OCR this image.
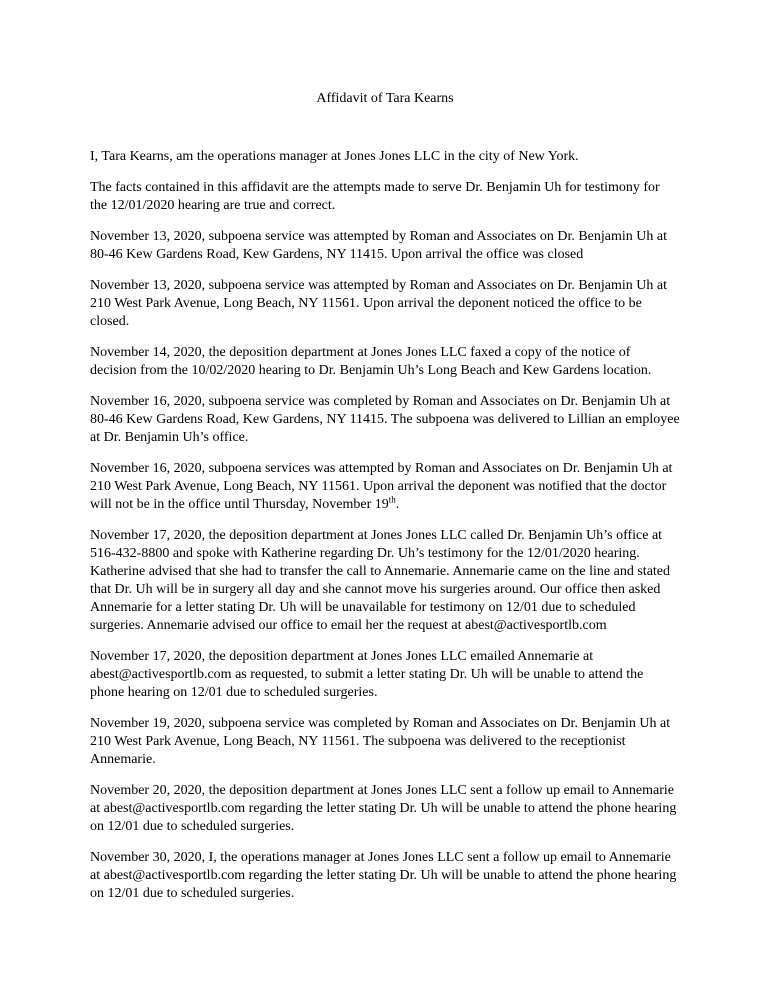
Affidavit of Tara Kearns

I, Tara Kearns, am the operations manager at Jones Jones LLC in the city of New York.

The facts contained in this affidavit are the attempts made to serve Dr. Benjamin Uh for testimony for the 12/01/2020 hearing are true and correct.

November 13, 2020, subpoena service was attempted by Roman and Associates on Dr. Benjamin Uh at 80-46 Kew Gardens Road, Kew Gardens, NY 11415. Upon arrival the office was closed

November 13, 2020, subpoena service was attempted by Roman and Associates on Dr. Benjamin Uh at 210 West Park Avenue, Long Beach, NY 11561. Upon arrival the deponent noticed the office to be closed.

November 14, 2020, the deposition department at Jones Jones LLC faxed a copy of the notice of decision from the 10/02/2020 hearing to Dr. Benjamin Uh’s Long Beach and Kew Gardens location.

November 16, 2020, subpoena service was completed by Roman and Associates on Dr. Benjamin Uh at 80-46 Kew Gardens Road, Kew Gardens, NY 11415. The subpoena was delivered to Lillian an employee at Dr. Benjamin Uh’s office.

November 16, 2020, subpoena services was attempted by Roman and Associates on Dr. Benjamin Uh at 210 West Park Avenue, Long Beach, NY 11561. Upon arrival the deponent was notified that the doctor will not be in the office until Thursday, November 19th.

November 17, 2020, the deposition department at Jones Jones LLC called Dr. Benjamin Uh’s office at 516-432-8800 and spoke with Katherine regarding Dr. Uh’s testimony for the 12/01/2020 hearing. Katherine advised that she had to transfer the call to Annemarie. Annemarie came on the line and stated that Dr. Uh will be in surgery all day and she cannot move his surgeries around. Our office then asked Annemarie for a letter stating Dr. Uh will be unavailable for testimony on 12/01 due to scheduled surgeries. Annemarie advised our office to email her the request at abest@activesportlb.com

November 17, 2020, the deposition department at Jones Jones LLC emailed Annemarie at abest@activesportlb.com as requested, to submit a letter stating Dr. Uh will be unable to attend the phone hearing on 12/01 due to scheduled surgeries.

November 19, 2020, subpoena service was completed by Roman and Associates on Dr. Benjamin Uh at 210 West Park Avenue, Long Beach, NY 11561. The subpoena was delivered to the receptionist Annemarie.

November 20, 2020, the deposition department at Jones Jones LLC sent a follow up email to Annemarie at abest@activesportlb.com regarding the letter stating Dr. Uh will be unable to attend the phone hearing on 12/01 due to scheduled surgeries.

November 30, 2020, I, the operations manager at Jones Jones LLC sent a follow up email to Annemarie at abest@activesportlb.com regarding the letter stating Dr. Uh will be unable to attend the phone hearing on 12/01 due to scheduled surgeries.
